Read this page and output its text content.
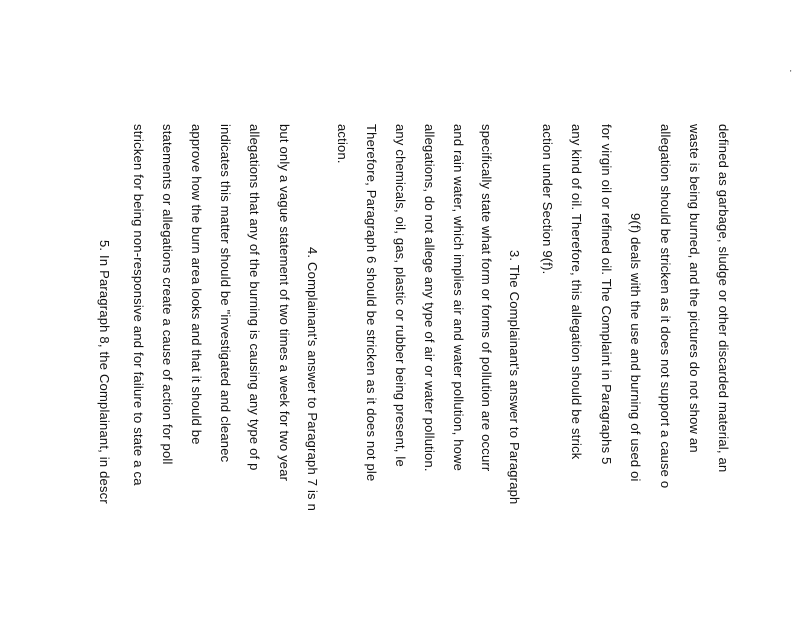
'
defined as garbage, sludge or other discarded material, an
waste is being burned, and the pictures do not show an
allegation should be stricken as it does not support a cause o
9(f) deals with the use and burning of used oi
for virgin oil or refined oil. The Complaint in Paragraphs 5
any kind of oil. Therefore, this allegation should be strick
action under Section 9(f).
3. The Complainant's answer to Paragraph
specifically state what form or forms of pollution are occurr
and rain water, which implies air and water pollution, howe
allegations, do not allege any type of air or water pollution.
any chemicals, oil, gas, plastic or rubber being present, le
Therefore, Paragraph 6 should be stricken as it does not ple
action.
4. Complainant's answer to Paragraph 7 is n
but only a vague statement of two times a week for two year
allegations that any of the burning is causing any type of p
indicates this matter should be "investigated and cleanec
approve how the burn area looks and that it should be
statements or allegations create a cause of action for poll
stricken for being non-responsive and for failure to state a ca
5. In Paragraph 8, the Complainant, in descr
